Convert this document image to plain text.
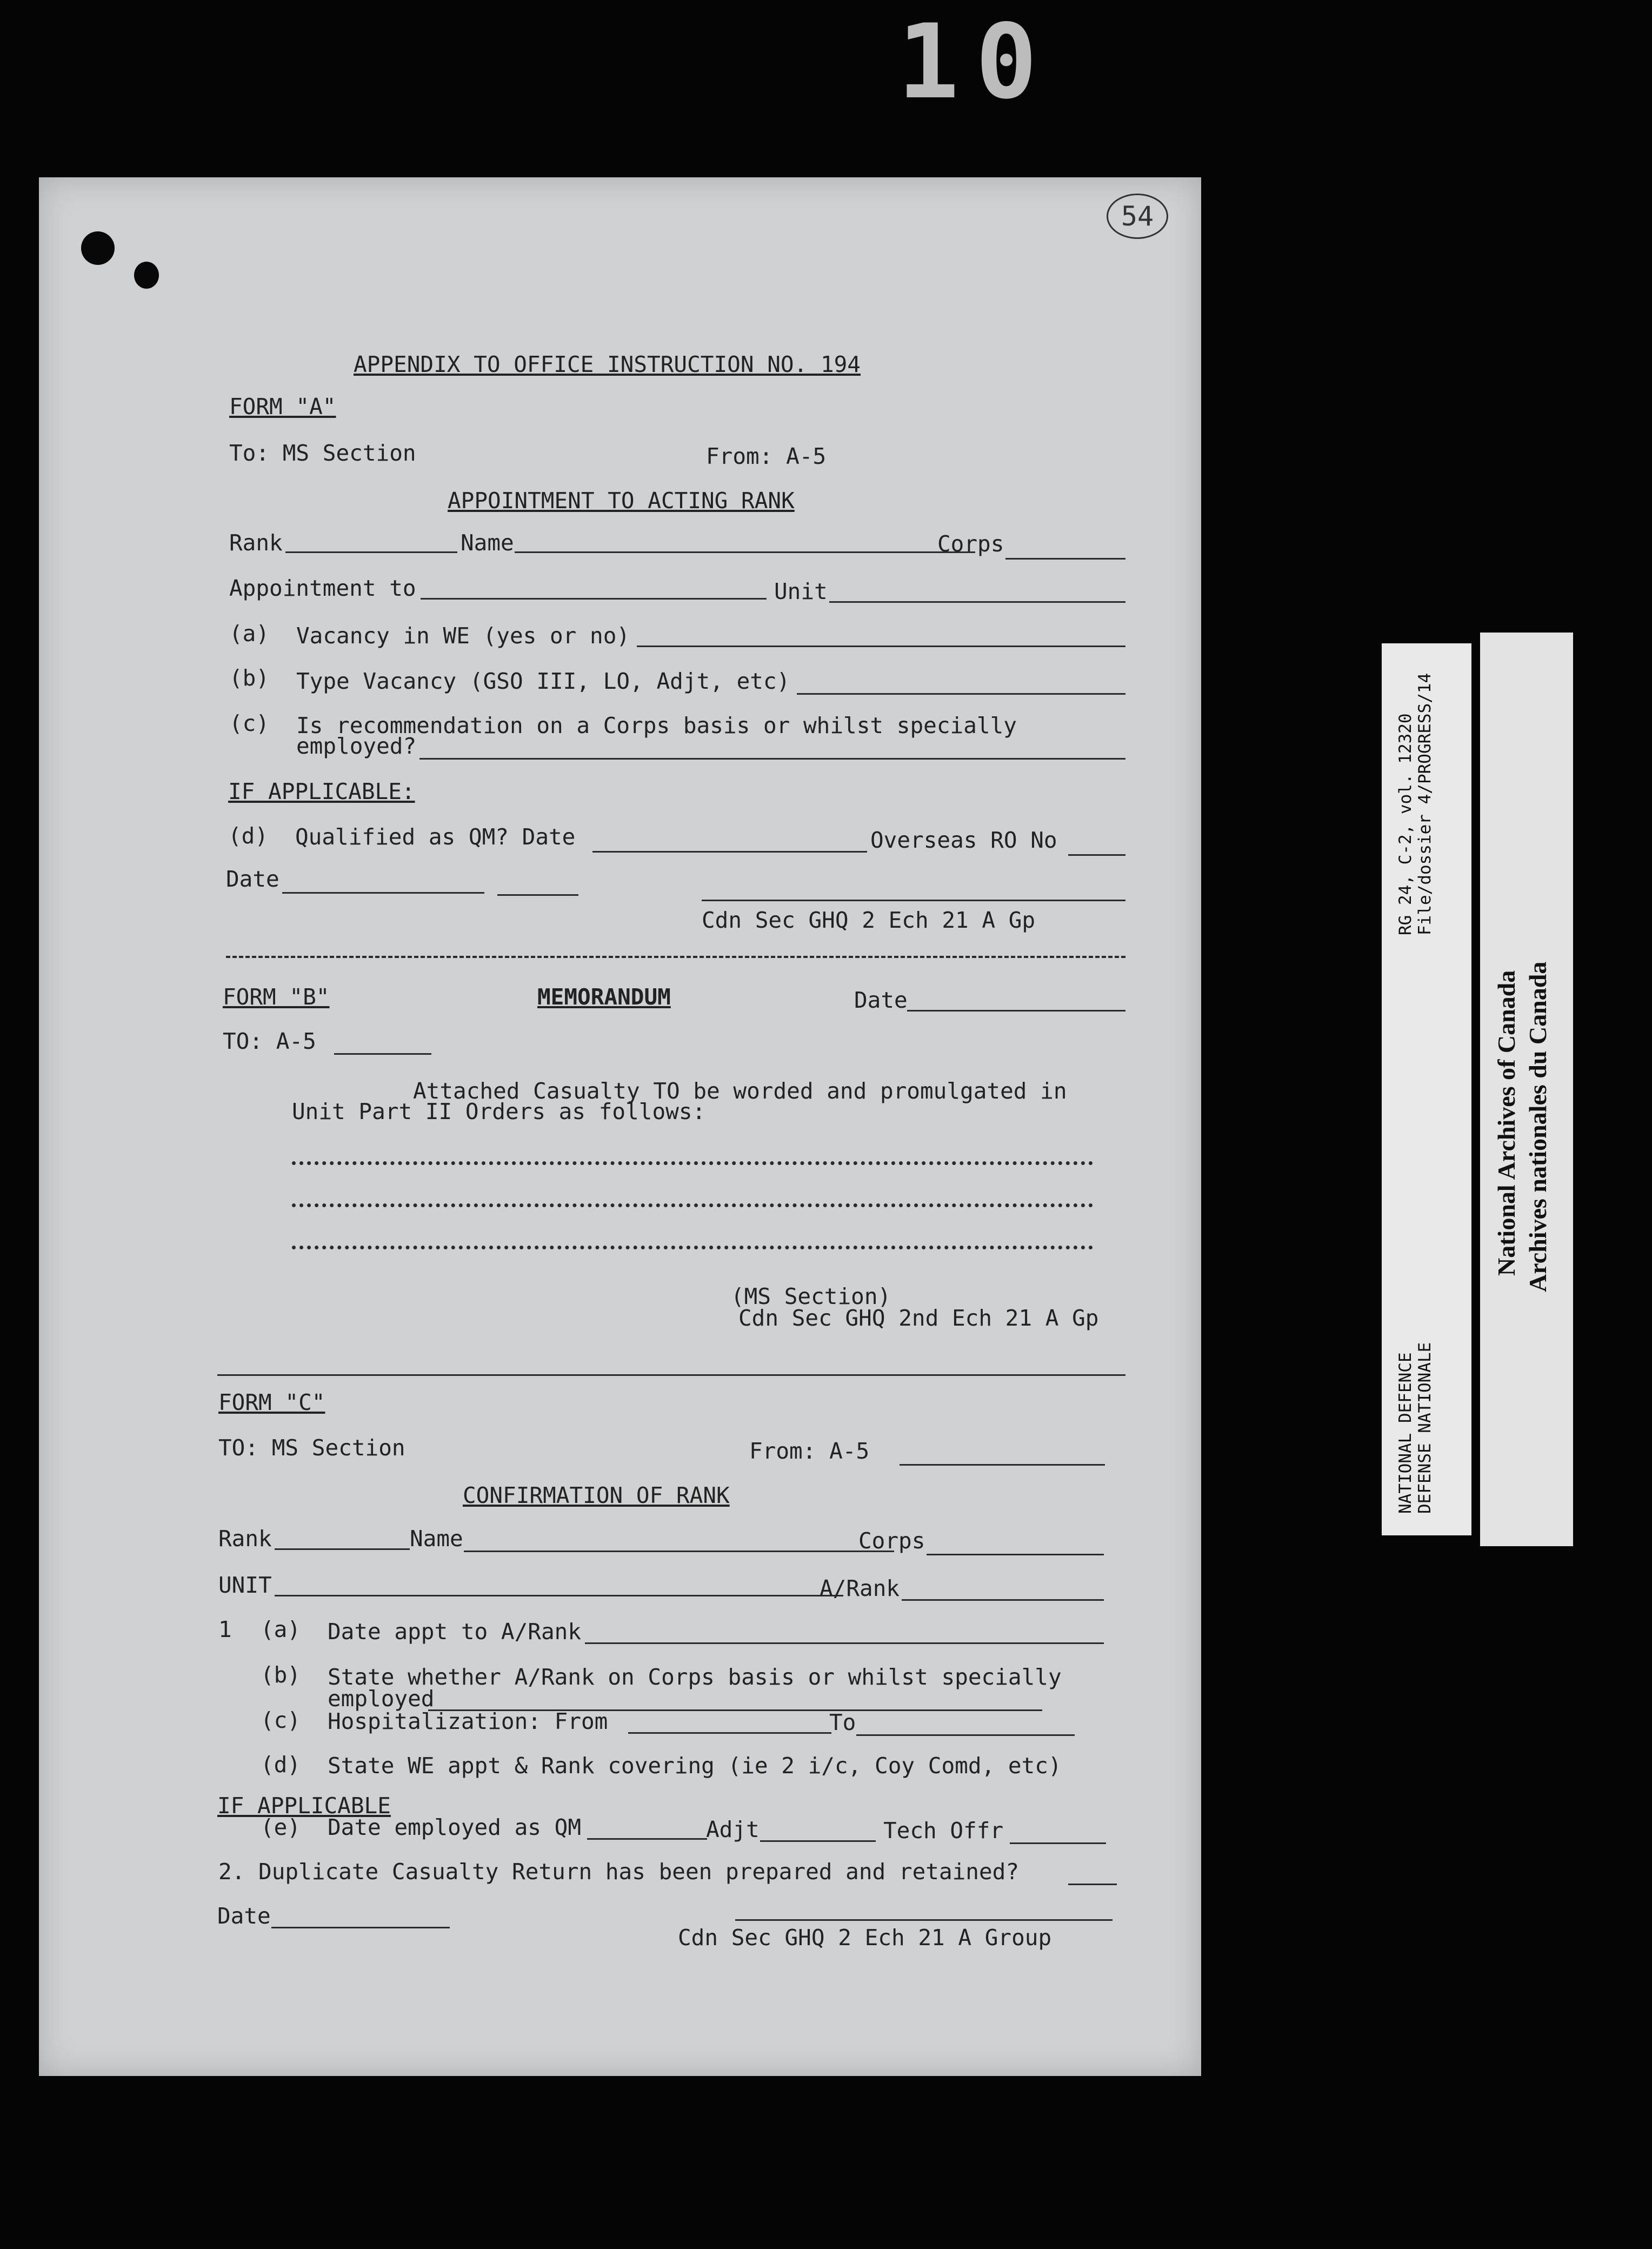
10
54
APPENDIX TO OFFICE INSTRUCTION NO. 194
FORM "A"
To: MS Section	From: A-5
APPOINTMENT TO ACTING RANK
Rank	Name	Corps
Appointment to	Unit
(a) Vacancy in WE (yes or no)
(b) Type Vacancy (GSO III, LO, Adjt, etc)
(c) Is recommendation on a Corps basis or whilst specially
employed?
IF APPLICABLE:
(d) Qualified as QM? Date	Overseas RO No
Date
Cdn Sec GHQ 2 Ech 21 A Gp
FORM "B"	MEMORANDUM	Date
TO: A-5
Attached Casualty TO be worded and promulgated in
Unit Part II Orders as follows:
(MS Section)
Cdn Sec GHQ 2nd Ech 21 A Gp
FORM "C"
TO: MS Section	From: A-5
CONFIRMATION OF RANK
Rank	Name	Corps
UNIT	A/Rank
1 (a) Date appt to A/Rank
(b) State whether A/Rank on Corps basis or whilst specially
employed
(c) Hospitalization: From	To
(d) State WE appt & Rank covering (ie 2 i/c, Coy Comd, etc)
IF APPLICABLE
(e) Date employed as QM	Adjt	Tech Offr
2. Duplicate Casualty Return has been prepared and retained?
Date
Cdn Sec GHQ 2 Ech 21 A Group
RG 24, C-2, vol. 12320 File/dossier 4/PROGRESS/14
NATIONAL DEFENCE DEFENSE NATIONALE
National Archives of Canada Archives nationales du Canada
